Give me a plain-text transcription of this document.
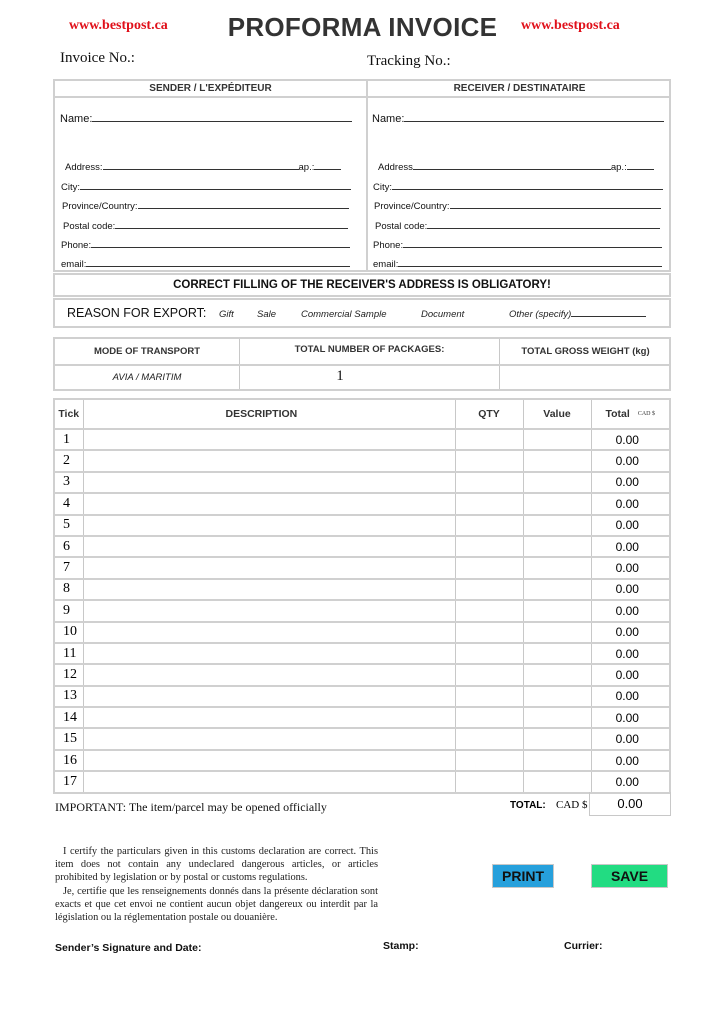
www.bestpost.ca	PROFORMA INVOICE	www.bestpost.ca
Invoice No.:	Tracking No.:
SENDER / L'EXPÉDITEUR	RECEIVER / DESTINATAIRE
Name:
Address:	ap.:
City:
Province/Country:
Postal code:
Phone:
email:
Name:
Address	ap.:
City:
Province/Country:
Postal code:
Phone:
email:
CORRECT FILLING OF THE RECEIVER'S ADDRESS IS OBLIGATORY!
REASON FOR EXPORT: Gift Sale	Commercial Sample	Document	Other (specify)
MODE OF TRANSPORT	TOTAL NUMBER OF PACKAGES:	TOTAL GROSS WEIGHT (kg)
AVIA / MARITIM	1
Tick	DESCRIPTION	QTY	Value	Total CAD $
1				0.00
2				0.00
3				0.00
4				0.00
5				0.00
6				0.00
7				0.00
8				0.00
9				0.00
10				0.00
11				0.00
12				0.00
13				0.00
14				0.00
15				0.00
16				0.00
17				0.00
IMPORTANT: The item/parcel may be opened officially	TOTAL: CAD $	0.00
I certify the particulars given in this customs declaration are correct. This item does not contain any undeclared dangerous articles, or articles prohibited by legislation or by postal or customs regulations.
Je, certifie que les renseignements donnés dans la présente déclaration sont exacts et que cet envoi ne contient aucun objet dangereux ou interdit par la législation ou la réglementation postale ou douanière.
PRINT	SAVE
Sender’s Signature and Date:	Stamp:	Currier:
